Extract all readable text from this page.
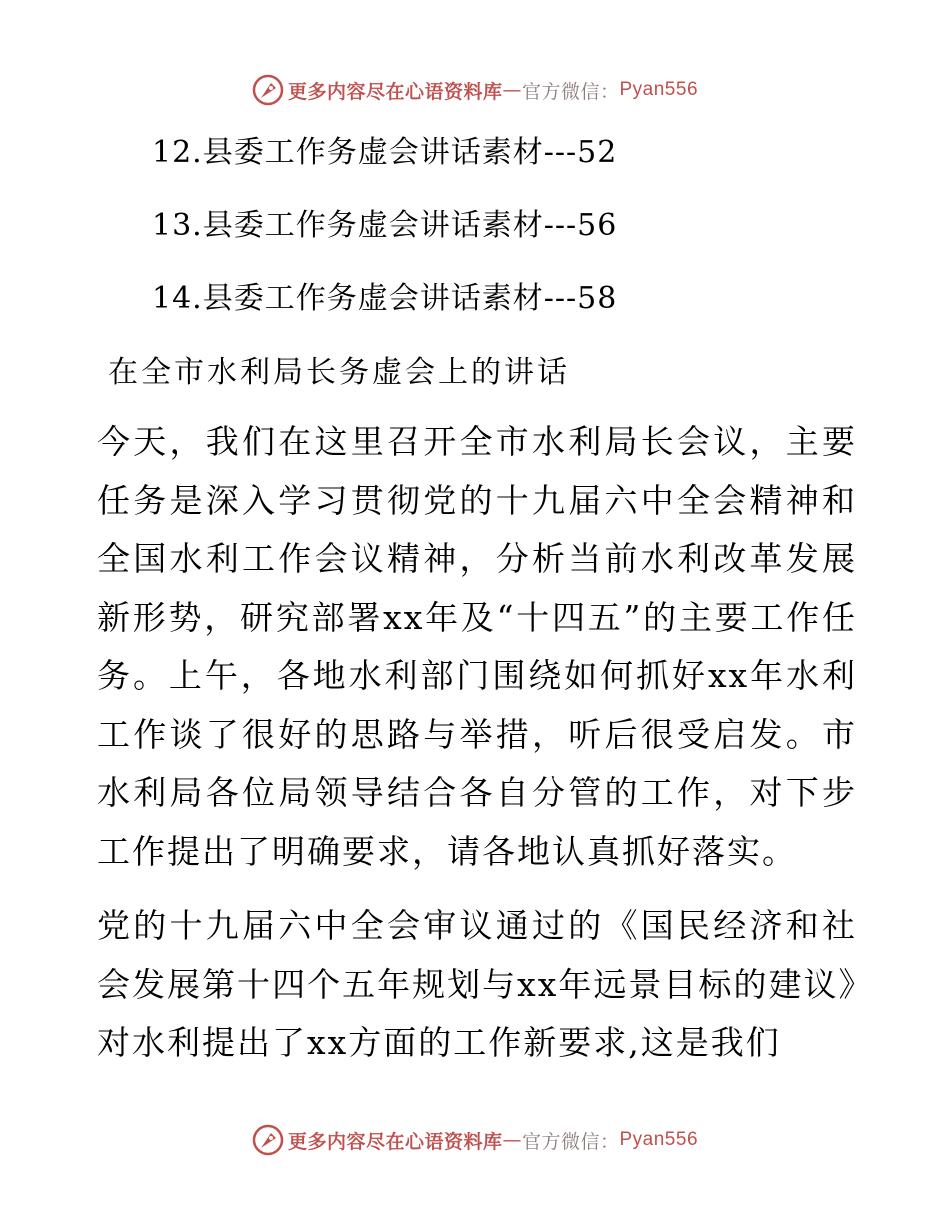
更多内容尽在心语资料库 — 官方微信： Pyan556
12.县委工作务虚会讲话素材---52
13.县委工作务虚会讲话素材---56
14.县委工作务虚会讲话素材---58
在全市水利局长务虚会上的讲话
今天，我们在这里召开全市水利局长会议，主要任务是深入学习贯彻党的十九届六中全会精神和全国水利工作会议精神，分析当前水利改革发展新形势，研究部署xx年及“十四五”的主要工作任务。上午，各地水利部门围绕如何抓好xx年水利工作谈了很好的思路与举措，听后很受启发。市水利局各位局领导结合各自分管的工作，对下步工作提出了明确要求，请各地认真抓好落实。
党的十九届六中全会审议通过的《国民经济和社会发展第十四个五年规划与xx年远景目标的建议》对水利提出了xx方面的工作新要求,这是我们
更多内容尽在心语资料库 — 官方微信： Pyan556
